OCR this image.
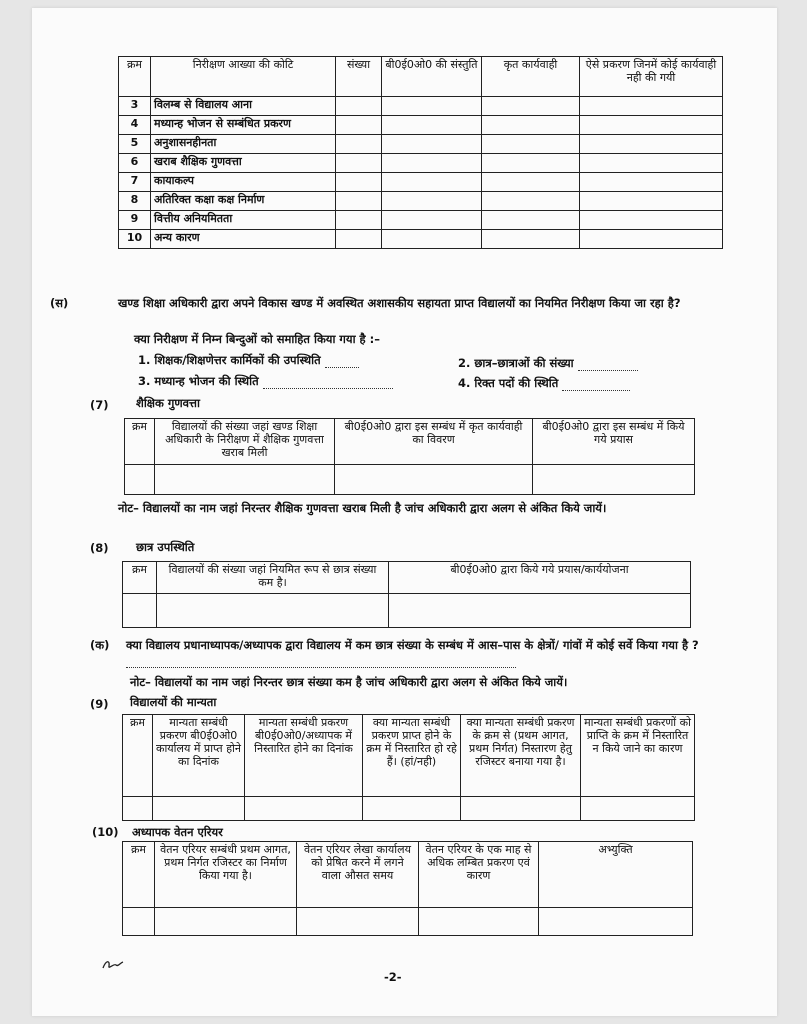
क्रम	निरीक्षण आख्या की कोटि	संख्या	बी0ई0ओ0 की संस्तुति	कृत कार्यवाही	ऐसे प्रकरण जिनमें कोई कार्यवाही नही की गयी
3	विलम्ब से विद्यालय आना				
4	मध्यान्ह भोजन से सम्बंधित प्रकरण				
5	अनुशासनहीनता				
6	खराब शैक्षिक गुणवत्ता				
7	कायाकल्प				
8	अतिरिक्त कक्षा कक्ष निर्माण				
9	वित्तीय अनियमितता				
10	अन्य कारण				
(स)	खण्ड शिक्षा अधिकारी द्वारा अपने विकास खण्ड में अवस्थित अशासकीय सहायता प्राप्त विद्यालयों का नियमित निरीक्षण किया जा रहा है?
क्या निरीक्षण में निम्न बिन्दुओं को समाहित किया गया है :–
1. शिक्षक/शिक्षणेत्तर कार्मिकों की उपस्थिति	2. छात्र–छात्राओं की संख्या
3. मध्यान्ह भोजन की स्थिति	4. रिक्त पदों की स्थिति
(7) शैक्षिक गुणवत्ता
क्रम	विद्यालयों की संख्या जहां खण्ड शिक्षा अधिकारी के निरीक्षण में शैक्षिक गुणवत्ता खराब मिली	बी0ई0ओ0 द्वारा इस सम्बंध में कृत कार्यवाही का विवरण	बी0ई0ओ0 द्वारा इस सम्बंध में किये गये प्रयास

नोट– विद्यालयों का नाम जहां निरन्तर शैक्षिक गुणवत्ता खराब मिली है जांच अधिकारी द्वारा अलग से अंकित किये जायें।
(8) छात्र उपस्थिति
क्रम	विद्यालयों की संख्या जहां नियमित रूप से छात्र संख्या कम है।	बी0ई0ओ0 द्वारा किये गये प्रयास/कार्ययोजना

(क) क्या विद्यालय प्रधानाध्यापक/अध्यापक द्वारा विद्यालय में कम छात्र संख्या के सम्बंध में आस–पास के क्षेत्रों/ गांवों में कोई सर्वे किया गया है ?
नोट– विद्यालयों का नाम जहां निरन्तर छात्र संख्या कम है जांच अधिकारी द्वारा अलग से अंकित किये जायें।
(9) विद्यालयों की मान्यता
क्रम	मान्यता सम्बंधी प्रकरण बी0ई0ओ0 कार्यालय में प्राप्त होने का दिनांक	मान्यता सम्बंधी प्रकरण बी0ई0ओ0/अध्यापक में निस्तारित होने का दिनांक	क्या मान्यता सम्बंधी प्रकरण प्राप्त होने के क्रम में निस्तारित हो रहे हैं। (हां/नही)	क्या मान्यता सम्बंधी प्रकरण के क्रम से (प्रथम आगत, प्रथम निर्गत) निस्तारण हेतु रजिस्टर बनाया गया है।	मान्यता सम्बंधी प्रकरणों को प्राप्ति के क्रम में निस्तारित न किये जाने का कारण

(10) अध्यापक वेतन एरियर
क्रम	वेतन एरियर सम्बंधी प्रथम आगत, प्रथम निर्गत रजिस्टर का निर्माण किया गया है।	वेतन एरियर लेखा कार्यालय को प्रेषित करने में लगने वाला औसत समय	वेतन एरियर के एक माह से अधिक लम्बित प्रकरण एवं कारण	अभ्युक्ति

-2-
